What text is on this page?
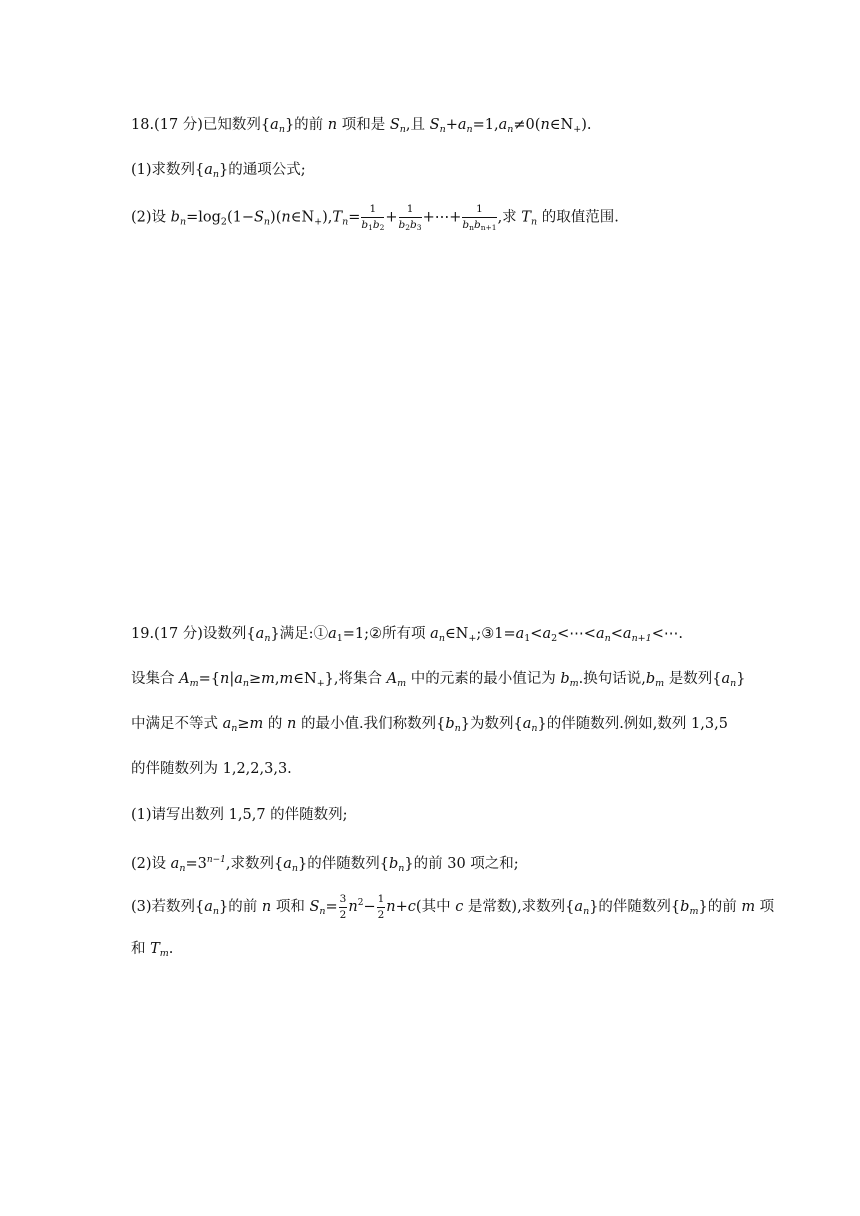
18.(17 分)已知数列$\{a_n\}$的前 n 项和是 $S_n$,且 $S_n+a_n=1,a_n\ne 0(n\in N_+)$.
(1)求数列$\{a_n\}$的通项公式;
(2)设 $b_n=\log_2(1-S_n)(n\in N_+),T_n= \frac{1}{b_1b_2} + \frac{1}{b_2b_3}$ +⋯+ $\frac{1}{b_nb_{n+1}}$ ,求 $T_n$ 的取值范围.
19.(17 分)设数列$\{a_n\}$满足$:①a_1=1;②$所有项 $a_n\in N_+;③1=a_1<a_2<\cdots<a_n<a_{n+1}<\cdots$.
设集合 $A_m=\{n|a_n\ge m,m\in N_+\}$,将集合 $A_m$ 中的元素的最小值记为 $b_m$.换句话说$,b_m$ 是数列$\{a_n\}$
中满足不等式 $a_n\ge m$ 的 n 的最小值.我们称数列$\{b_n\}$为数列$\{a_n\}$的伴随数列.例如,数列 1,3,5
的伴随数列为 1,2,2,3,3.
(1)请写出数列 1,5,7 的伴随数列;
(2)设 $a_n=3^{n-1}$,求数列$\{a_n\}$的伴随数列$\{b_n\}$的前 30 项之和;
(3)若数列$\{a_n\}$的前 n 项和 $S_n= \frac{3}{2} n^2- \frac{1}{2} n+c$(其中 c 是常数),求数列$\{a_n\}$的伴随数列$\{b_m\}$的前 m 项
和 $T_m$.
